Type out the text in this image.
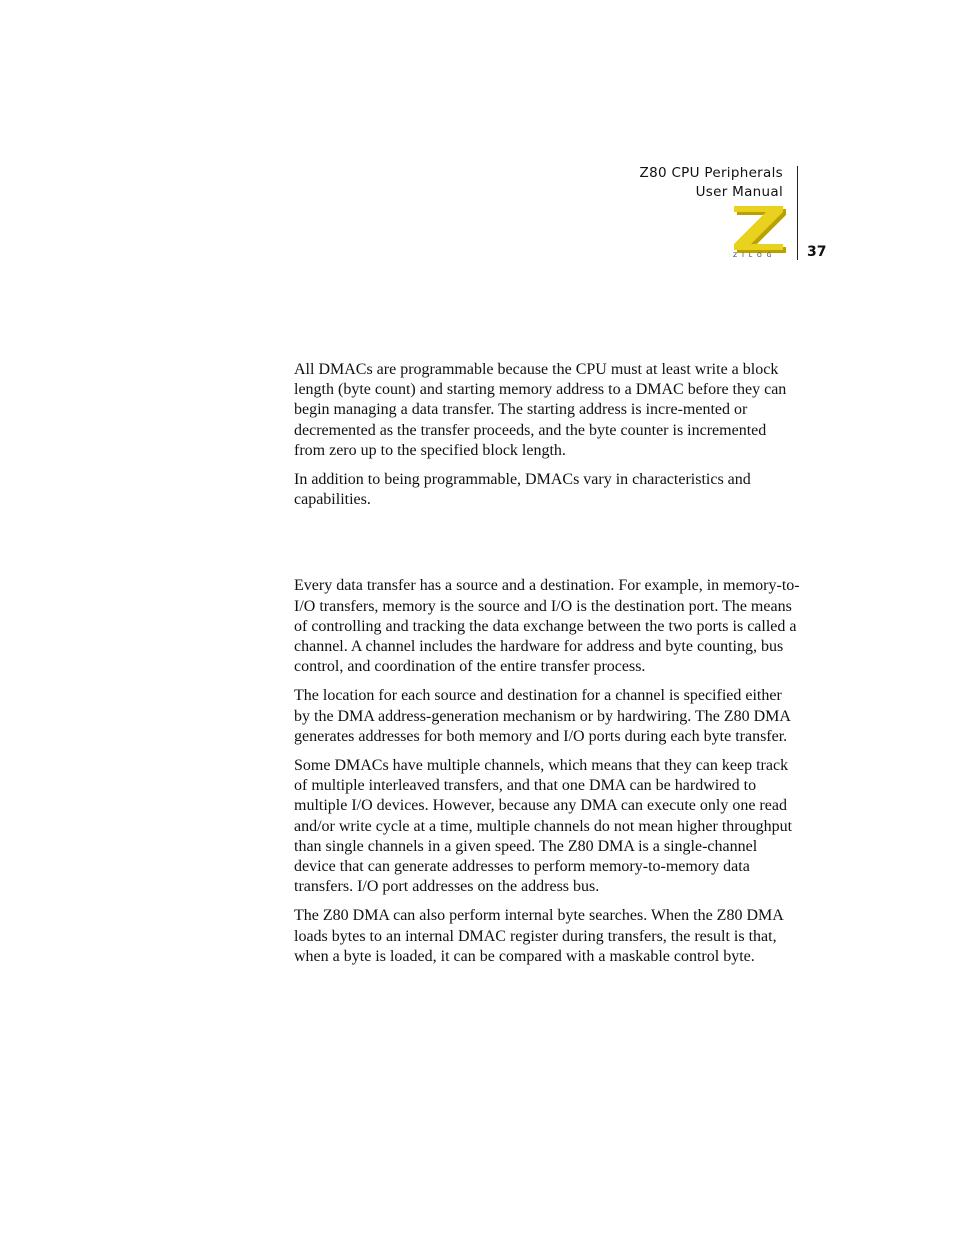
Z80 CPU Peripherals
User Manual
37
ZILOG

All DMACs are programmable because the CPU must at least write a block length (byte count) and starting memory address to a DMAC before they can begin managing a data transfer. The starting address is incre-mented or decremented as the transfer proceeds, and the byte counter is incremented from zero up to the specified block length.

In addition to being programmable, DMACs vary in characteristics and capabilities.

Every data transfer has a source and a destination. For example, in memory-to-I/O transfers, memory is the source and I/O is the destination port. The means of controlling and tracking the data exchange between the two ports is called a channel. A channel includes the hardware for address and byte counting, bus control, and coordination of the entire transfer process.

The location for each source and destination for a channel is specified either by the DMA address-generation mechanism or by hardwiring. The Z80 DMA generates addresses for both memory and I/O ports during each byte transfer.

Some DMACs have multiple channels, which means that they can keep track of multiple interleaved transfers, and that one DMA can be hardwired to multiple I/O devices. However, because any DMA can execute only one read and/or write cycle at a time, multiple channels do not mean higher throughput than single channels in a given speed. The Z80 DMA is a single-channel device that can generate addresses to perform memory-to-memory data transfers. I/O port addresses on the address bus.

The Z80 DMA can also perform internal byte searches. When the Z80 DMA loads bytes to an internal DMAC register during transfers, the result is that, when a byte is loaded, it can be compared with a maskable control byte.
